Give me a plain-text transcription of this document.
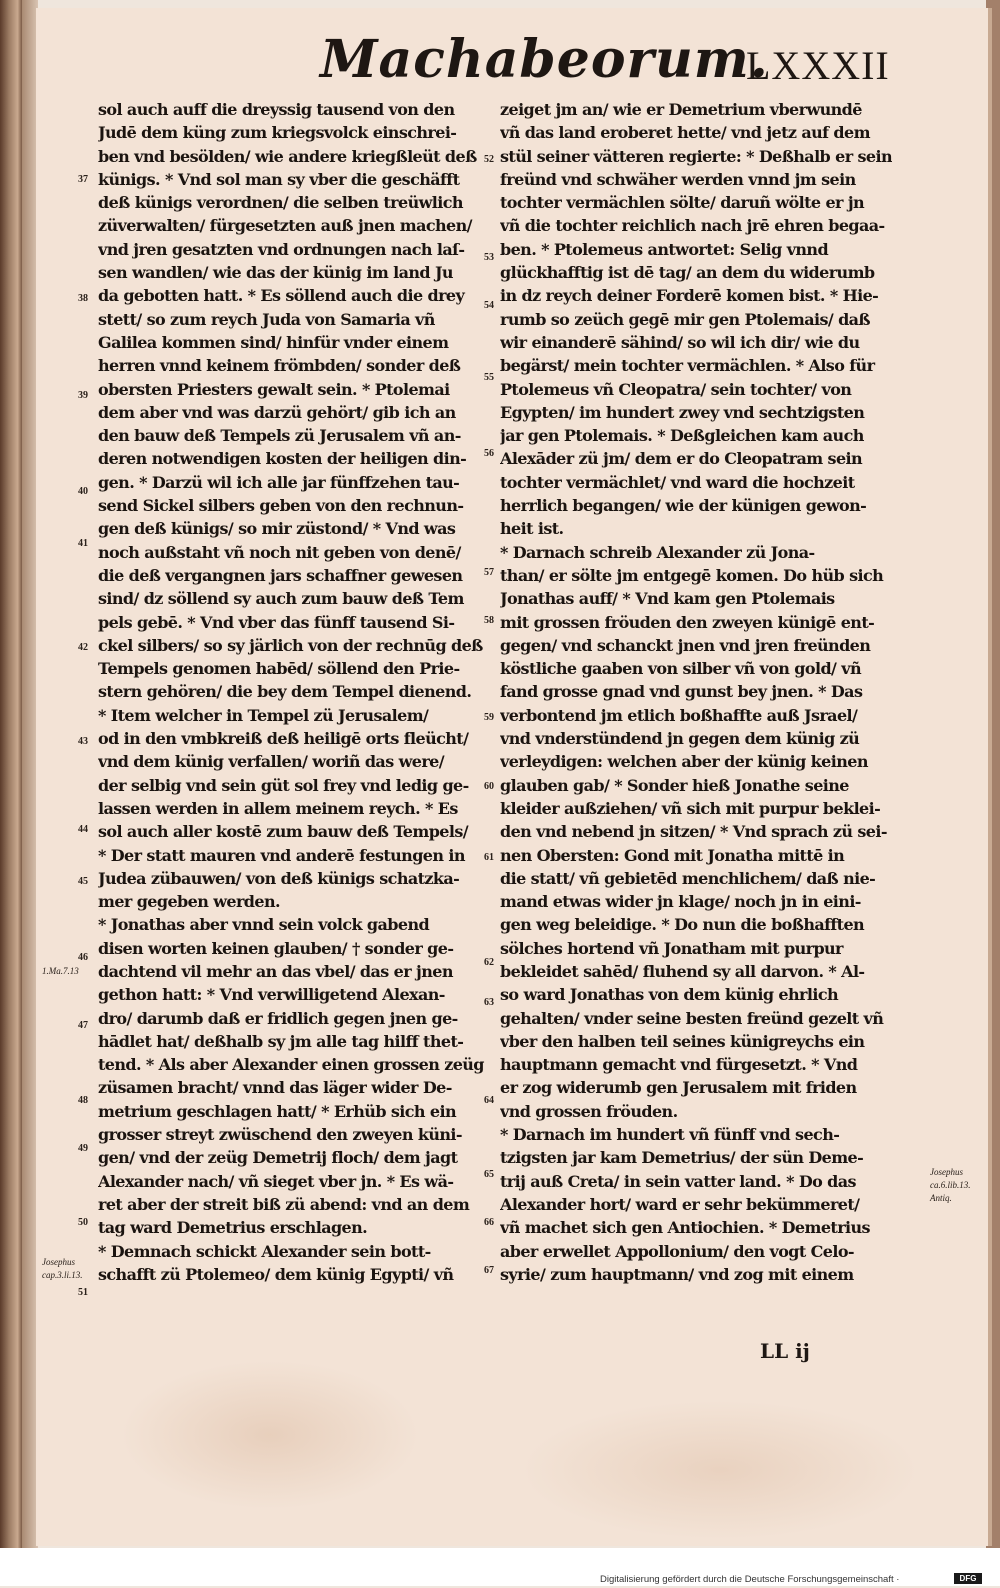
Machabeorum.
LXXXII
sol auch auff die dreyssig tausend von den
Judē dem küng zum kriegsvolck einschrei-
ben vnd besölden/ wie andere kriegßleüt deß
künigs. * Vnd sol man sy vber die geschäfft
deß künigs verordnen/ die selben treüwlich
züverwalten/ fürgesetzten auß jnen machen/
vnd jren gesatzten vnd ordnungen nach laſ-
sen wandlen/ wie das der künig im land Ju
da gebotten hatt. * Es söllend auch die drey
stett/ so zum reych Juda von Samaria vñ
Galilea kommen sind/ hinfür vnder einem
herren vnnd keinem frömbden/ sonder deß
obersten Priesters gewalt sein. * Ptolemai
dem aber vnd was darzü gehört/ gib ich an
den bauw deß Tempels zü Jerusalem vñ an-
deren notwendigen kosten der heiligen din-
gen. * Darzü wil ich alle jar fünffzehen tau-
send Sickel silbers geben von den rechnun-
gen deß künigs/ so mir züstond/ * Vnd was
noch außstaht vñ noch nit geben von denē/
die deß vergangnen jars schaffner gewesen
sind/ dz söllend sy auch zum bauw deß Tem
pels gebē. * Vnd vber das fünff tausend Si-
ckel silbers/ so sy järlich von der rechnūg deß
Tempels genomen habēd/ söllend den Prie-
stern gehören/ die bey dem Tempel dienend.
* Item welcher in Tempel zü Jerusalem/
od in den vmbkreiß deß heiligē orts fleücht/
vnd dem künig verfallen/ woriñ das were/
der selbig vnd sein güt sol frey vnd ledig ge-
lassen werden in allem meinem reych. * Es
sol auch aller kostē zum bauw deß Tempels/
* Der statt mauren vnd anderē festungen in
Judea zübauwen/ von deß künigs schatzka-
mer gegeben werden.
* Jonathas aber vnnd sein volck gabend
disen worten keinen glauben/ † sonder ge-
dachtend vil mehr an das vbel/ das er jnen
gethon hatt: * Vnd verwilligetend Alexan-
dro/ darumb daß er fridlich gegen jnen ge-
hādlet hat/ deßhalb sy jm alle tag hilff thet-
tend. * Als aber Alexander einen grossen zeüg
züsamen bracht/ vnnd das läger wider De-
metrium geschlagen hatt/ * Erhüb sich ein
grosser streyt zwüschend den zweyen küni-
gen/ vnd der zeüg Demetrij floch/ dem jagt
Alexander nach/ vñ sieget vber jn. * Es wä-
ret aber der streit biß zü abend: vnd an dem
tag ward Demetrius erschlagen.
* Demnach schickt Alexander sein bott-
schafft zü Ptolemeo/ dem künig Egypti/ vñ
zeiget jm an/ wie er Demetrium vberwundē
vñ das land eroberet hette/ vnd jetz auf dem
stül seiner vätteren regierte: * Deßhalb er sein
freünd vnd schwäher werden vnnd jm sein
tochter vermächlen sölte/ daruñ wölte er jn
vñ die tochter reichlich nach jrē ehren begaa-
ben. * Ptolemeus antwortet: Selig vnnd
glückhafftig ist dē tag/ an dem du widerumb
in dz reych deiner Forderē komen bist. * Hie-
rumb so zeüch gegē mir gen Ptolemais/ daß
wir einanderē sähind/ so wil ich dir/ wie du
begärst/ mein tochter vermächlen. * Also für
Ptolemeus vñ Cleopatra/ sein tochter/ von
Egypten/ im hundert zwey vnd sechtzigsten
jar gen Ptolemais. * Deßgleichen kam auch
Alexāder zü jm/ dem er do Cleopatram sein
tochter vermächlet/ vnd ward die hochzeit
herrlich begangen/ wie der künigen gewon-
heit ist.
* Darnach schreib Alexander zü Jona-
than/ er sölte jm entgegē komen. Do hüb sich
Jonathas auff/ * Vnd kam gen Ptolemais
mit grossen fröuden den zweyen künigē ent-
gegen/ vnd schanckt jnen vnd jren freünden
köstliche gaaben von silber vñ von gold/ vñ
fand grosse gnad vnd gunst bey jnen. * Das
verbontend jm etlich boßhaffte auß Jsrael/
vnd vnderstündend jn gegen dem künig zü
verleydigen: welchen aber der künig keinen
glauben gab/ * Sonder hieß Jonathe seine
kleider außziehen/ vñ sich mit purpur beklei-
den vnd nebend jn sitzen/ * Vnd sprach zü sei-
nen Obersten: Gond mit Jonatha mittē in
die statt/ vñ gebietēd menchlichem/ daß nie-
mand etwas wider jn klage/ noch jn in eini-
gen weg beleidige. * Do nun die boßhafften
sölches hortend vñ Jonatham mit purpur
bekleidet sahēd/ fluhend sy all darvon. * Al-
so ward Jonathas von dem künig ehrlich
gehalten/ vnder seine besten freünd gezelt vñ
vber den halben teil seines künigreychs ein
hauptmann gemacht vnd fürgesetzt. * Vnd
er zog widerumb gen Jerusalem mit friden
vnd grossen fröuden.
* Darnach im hundert vñ fünff vnd sech-
tzigsten jar kam Demetrius/ der sün Deme-
trij auß Creta/ in sein vatter land. * Do das
Alexander hort/ ward er sehr bekümmeret/
vñ machet sich gen Antiochien. * Demetrius
aber erwellet Appollonium/ den vogt Celo-
syrie/ zum hauptmann/ vnd zog mit einem
37
38
39
40
41
42
43
44
45
46
47
48
49
50
51
52
53
54
55
56
57
58
59
60
61
62
63
64
65
66
67
1.Ma.7.13
Josephus
cap.3.li.13.
Josephus
ca.6.lib.13.
Antiq.
LL ij
Digitalisierung gefördert durch die Deutsche Forschungsgemeinschaft ·	DFG
